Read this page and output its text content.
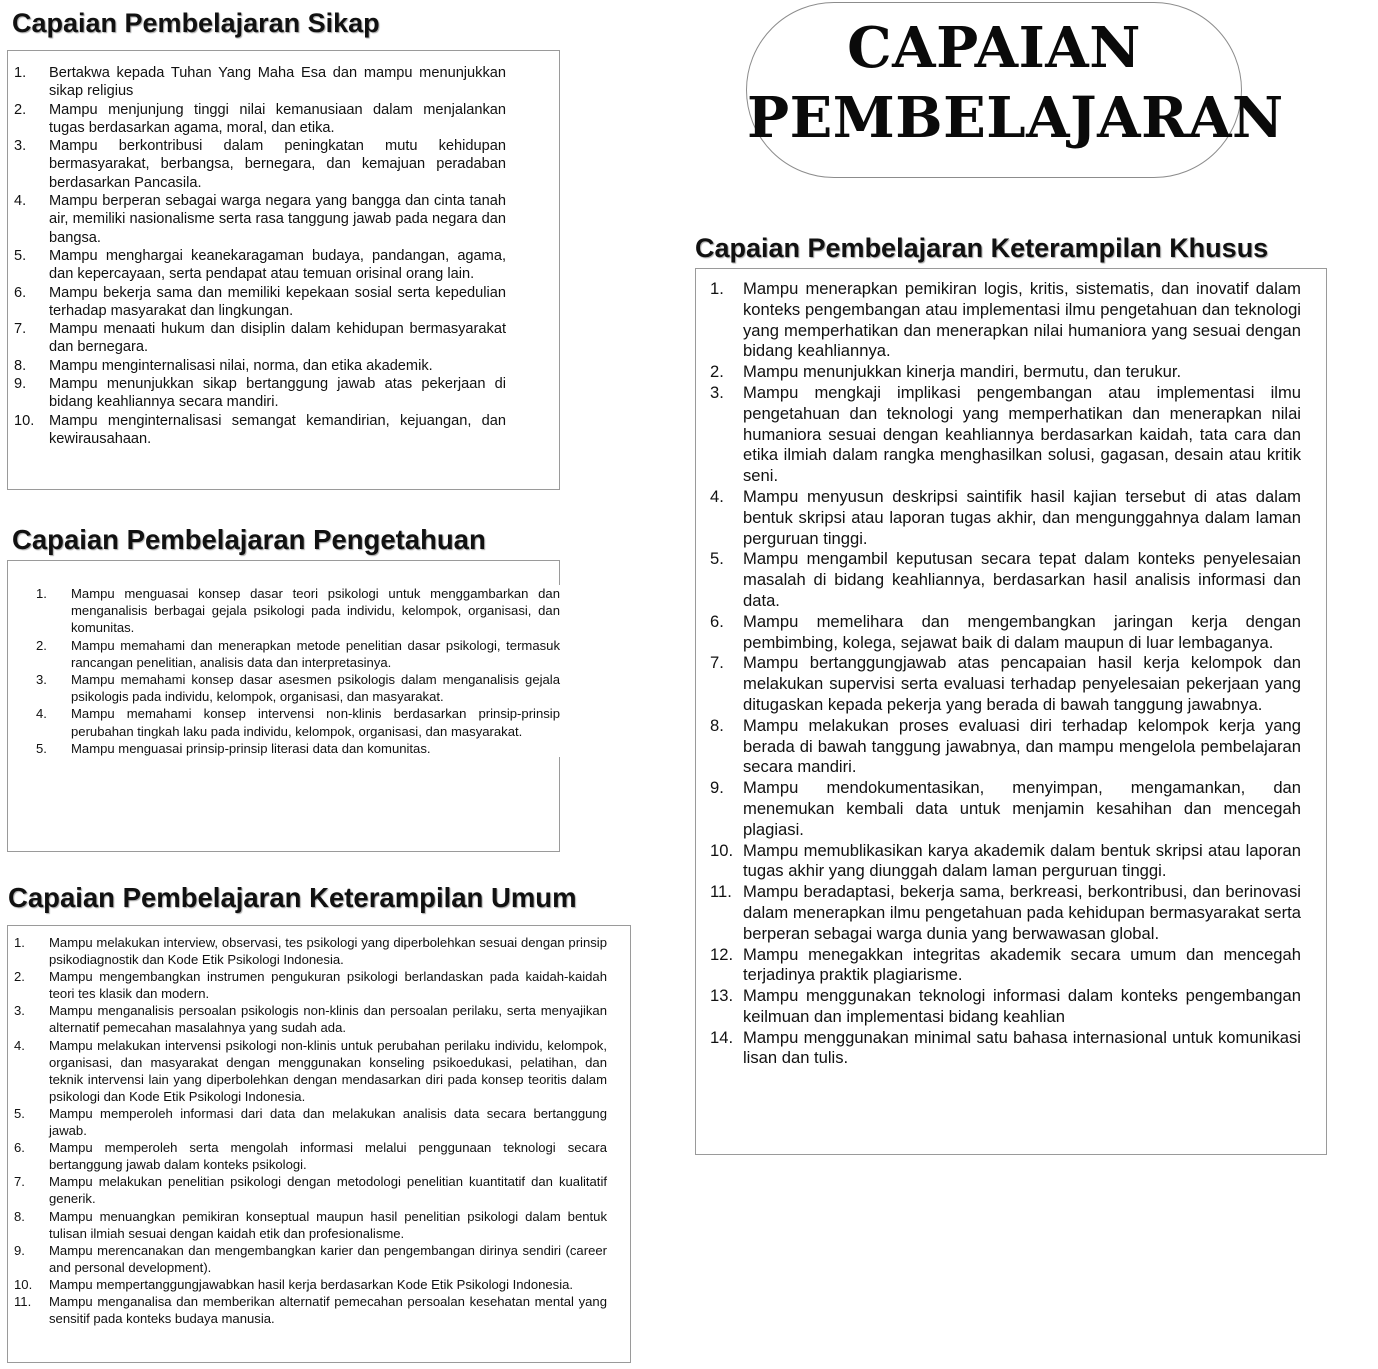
CAPAIAN

PEMBELAJARAN

Capaian Pembelajaran Sikap
Capaian Pembelajaran Pengetahuan
Capaian Pembelajaran Keterampilan Umum
Capaian Pembelajaran Keterampilan Khusus
1. Bertakwa kepada Tuhan Yang Maha Esa dan mampu menunjukkan sikap religius
2. Mampu menjunjung tinggi nilai kemanusiaan dalam menjalankan tugas berdasarkan agama, moral, dan etika.
3. Mampu berkontribusi dalam peningkatan mutu kehidupan bermasyarakat, berbangsa, bernegara, dan kemajuan peradaban berdasarkan Pancasila.
4. Mampu berperan sebagai warga negara yang bangga dan cinta tanah air, memiliki nasionalisme serta rasa tanggung jawab pada negara dan bangsa.
5. Mampu menghargai keanekaragaman budaya, pandangan, agama, dan kepercayaan, serta pendapat atau temuan orisinal orang lain.
6. Mampu bekerja sama dan memiliki kepekaan sosial serta kepedulian terhadap masyarakat dan lingkungan.
7. Mampu menaati hukum dan disiplin dalam kehidupan bermasyarakat dan bernegara.
8. Mampu menginternalisasi nilai, norma, dan etika akademik.
9. Mampu menunjukkan sikap bertanggung jawab atas pekerjaan di bidang keahliannya secara mandiri.
10. Mampu menginternalisasi semangat kemandirian, kejuangan, dan kewirausahaan.
1. Mampu menguasai konsep dasar teori psikologi untuk menggambarkan dan menganalisis berbagai gejala psikologi pada individu, kelompok, organisasi, dan komunitas.
2. Mampu memahami dan menerapkan metode penelitian dasar psikologi, termasuk rancangan penelitian, analisis data dan interpretasinya.
3. Mampu memahami konsep dasar asesmen psikologis dalam menganalisis gejala psikologis pada individu, kelompok, organisasi, dan masyarakat.
4. Mampu memahami konsep intervensi non-klinis berdasarkan prinsip-prinsip perubahan tingkah laku pada individu, kelompok, organisasi, dan masyarakat.
5. Mampu menguasai prinsip-prinsip literasi data dan komunitas.
1. Mampu melakukan interview, observasi, tes psikologi yang diperbolehkan sesuai dengan prinsip psikodiagnostik dan Kode Etik Psikologi Indonesia.
2. Mampu mengembangkan instrumen pengukuran psikologi berlandaskan pada kaidah-kaidah teori tes klasik dan modern.
3. Mampu menganalisis persoalan psikologis non-klinis dan persoalan perilaku, serta menyajikan alternatif pemecahan masalahnya yang sudah ada.
4. Mampu melakukan intervensi psikologi non-klinis untuk perubahan perilaku individu, kelompok, organisasi, dan masyarakat dengan menggunakan konseling psikoedukasi, pelatihan, dan teknik intervensi lain yang diperbolehkan dengan mendasarkan diri pada konsep teoritis dalam psikologi dan Kode Etik Psikologi Indonesia.
5. Mampu memperoleh informasi dari data dan melakukan analisis data secara bertanggung jawab.
6. Mampu memperoleh serta mengolah informasi melalui penggunaan teknologi secara bertanggung jawab dalam konteks psikologi.
7. Mampu melakukan penelitian psikologi dengan metodologi penelitian kuantitatif dan kualitatif generik.
8. Mampu menuangkan pemikiran konseptual maupun hasil penelitian psikologi dalam bentuk tulisan ilmiah sesuai dengan kaidah etik dan profesionalisme.
9. Mampu merencanakan dan mengembangkan karier dan pengembangan dirinya sendiri (career and personal development).
10. Mampu mempertanggungjawabkan hasil kerja berdasarkan Kode Etik Psikologi Indonesia.
11. Mampu menganalisa dan memberikan alternatif pemecahan persoalan kesehatan mental yang sensitif pada konteks budaya manusia.
1. Mampu menerapkan pemikiran logis, kritis, sistematis, dan inovatif dalam konteks pengembangan atau implementasi ilmu pengetahuan dan teknologi yang memperhatikan dan menerapkan nilai humaniora yang sesuai dengan bidang keahliannya.
2. Mampu menunjukkan kinerja mandiri, bermutu, dan terukur.
3. Mampu mengkaji implikasi pengembangan atau implementasi ilmu pengetahuan dan teknologi yang memperhatikan dan menerapkan nilai humaniora sesuai dengan keahliannya berdasarkan kaidah, tata cara dan etika ilmiah dalam rangka menghasilkan solusi, gagasan, desain atau kritik seni.
4. Mampu menyusun deskripsi saintifik hasil kajian tersebut di atas dalam bentuk skripsi atau laporan tugas akhir, dan mengunggahnya dalam laman perguruan tinggi.
5. Mampu mengambil keputusan secara tepat dalam konteks penyelesaian masalah di bidang keahliannya, berdasarkan hasil analisis informasi dan data.
6. Mampu memelihara dan mengembangkan jaringan kerja dengan pembimbing, kolega, sejawat baik di dalam maupun di luar lembaganya.
7. Mampu bertanggungjawab atas pencapaian hasil kerja kelompok dan melakukan supervisi serta evaluasi terhadap penyelesaian pekerjaan yang ditugaskan kepada pekerja yang berada di bawah tanggung jawabnya.
8. Mampu melakukan proses evaluasi diri terhadap kelompok kerja yang berada di bawah tanggung jawabnya, dan mampu mengelola pembelajaran secara mandiri.
9. Mampu mendokumentasikan, menyimpan, mengamankan, dan menemukan kembali data untuk menjamin kesahihan dan mencegah plagiasi.
10. Mampu memublikasikan karya akademik dalam bentuk skripsi atau laporan tugas akhir yang diunggah dalam laman perguruan tinggi.
11. Mampu beradaptasi, bekerja sama, berkreasi, berkontribusi, dan berinovasi dalam menerapkan ilmu pengetahuan pada kehidupan bermasyarakat serta berperan sebagai warga dunia yang berwawasan global.
12. Mampu menegakkan integritas akademik secara umum dan mencegah terjadinya praktik plagiarisme.
13. Mampu menggunakan teknologi informasi dalam konteks pengembangan keilmuan dan implementasi bidang keahlian
14. Mampu menggunakan minimal satu bahasa internasional untuk komunikasi lisan dan tulis.
